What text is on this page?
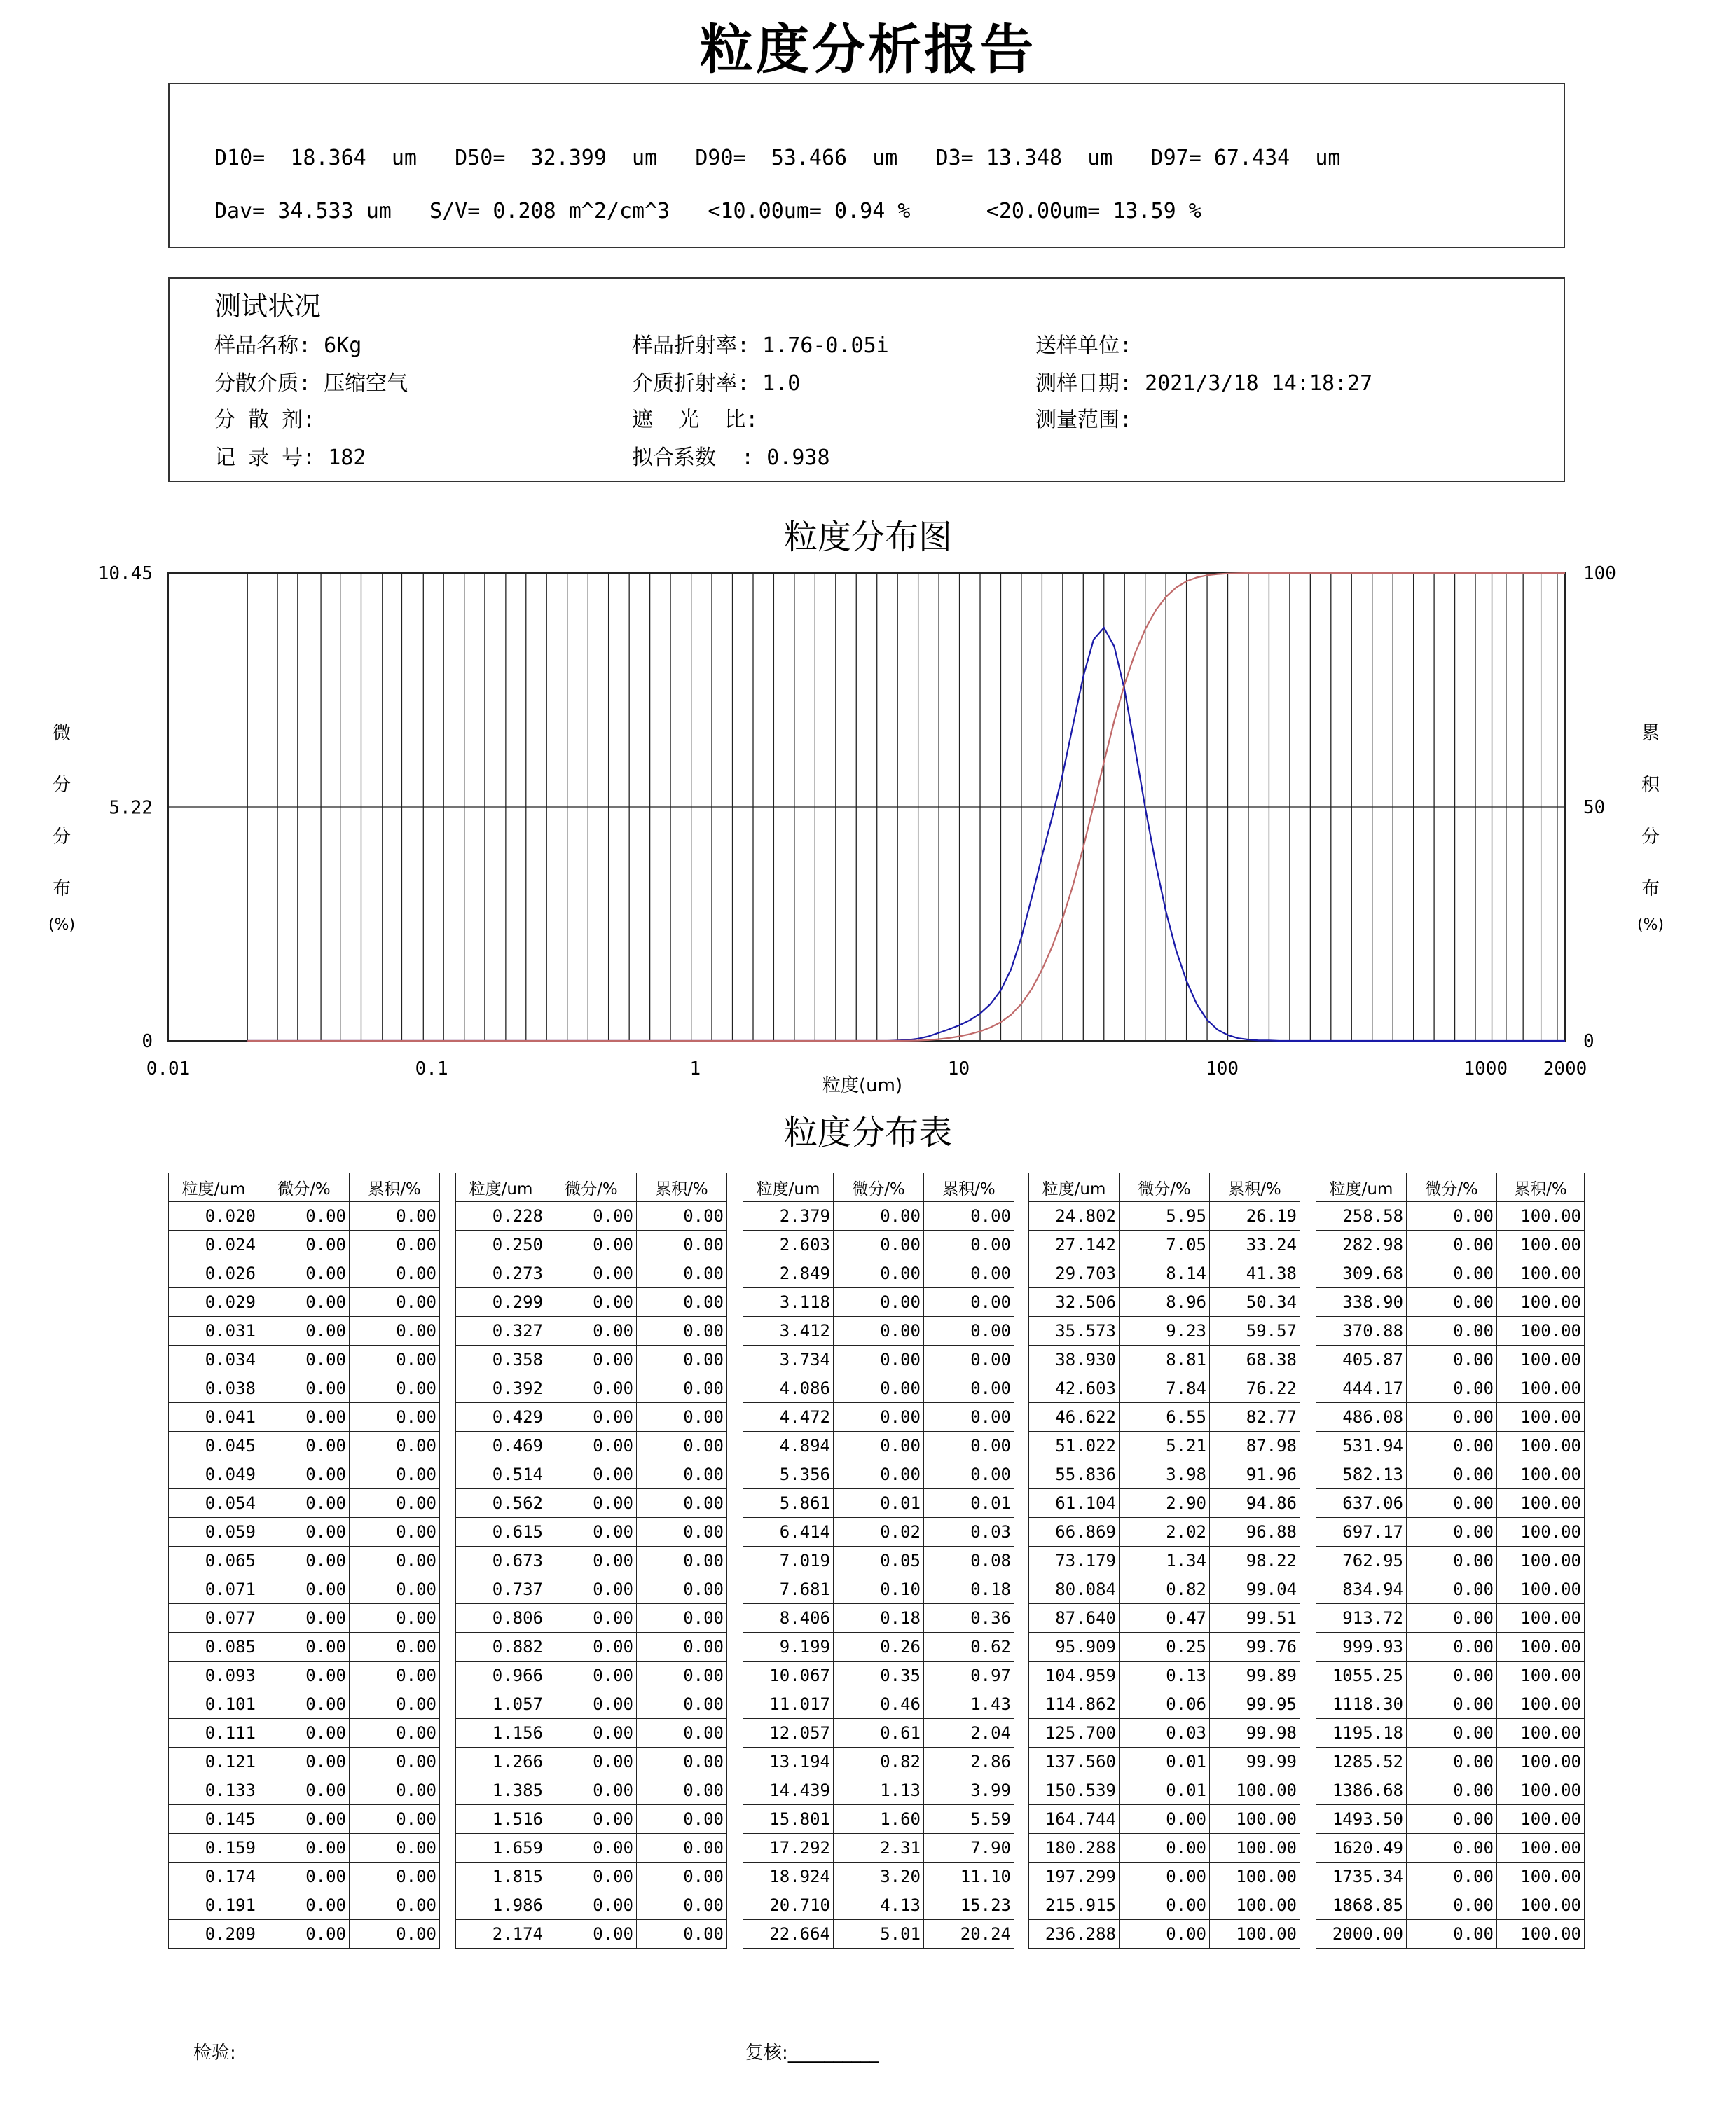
粒度分析报告
D10=  18.364  um   D50=  32.399  um   D90=  53.466  um   D3= 13.348  um   D97= 67.434  um
Dav= 34.533 um   S/V= 0.208 m^2/cm^3   <10.00um= 0.94 %      <20.00um= 13.59 %
测试状况
样品名称: 6Kg	样品折射率: 1.76-0.05i	送样单位:
分散介质: 压缩空气	介质折射率: 1.0	测样日期: 2021/3/18 14:18:27
分 散 剂:	遮  光  比:	测量范围:
记 录 号: 182	拟合系数  : 0.938
粒度分布图
0.01	0.1	1	10	100	1000 2000
10.45
5.22
0
100
50
0
粒度(um)
微
分
分
布
(%)
累
积
分
布
(%)
粒度分布表
粒度/um	微分/%	累积/%
0.020	0.00	0.00
0.024	0.00	0.00
0.026	0.00	0.00
0.029	0.00	0.00
0.031	0.00	0.00
0.034	0.00	0.00
0.038	0.00	0.00
0.041	0.00	0.00
0.045	0.00	0.00
0.049	0.00	0.00
0.054	0.00	0.00
0.059	0.00	0.00
0.065	0.00	0.00
0.071	0.00	0.00
0.077	0.00	0.00
0.085	0.00	0.00
0.093	0.00	0.00
0.101	0.00	0.00
0.111	0.00	0.00
0.121	0.00	0.00
0.133	0.00	0.00
0.145	0.00	0.00
0.159	0.00	0.00
0.174	0.00	0.00
0.191	0.00	0.00
0.209	0.00	0.00
粒度/um	微分/%	累积/%
0.228	0.00	0.00
0.250	0.00	0.00
0.273	0.00	0.00
0.299	0.00	0.00
0.327	0.00	0.00
0.358	0.00	0.00
0.392	0.00	0.00
0.429	0.00	0.00
0.469	0.00	0.00
0.514	0.00	0.00
0.562	0.00	0.00
0.615	0.00	0.00
0.673	0.00	0.00
0.737	0.00	0.00
0.806	0.00	0.00
0.882	0.00	0.00
0.966	0.00	0.00
1.057	0.00	0.00
1.156	0.00	0.00
1.266	0.00	0.00
1.385	0.00	0.00
1.516	0.00	0.00
1.659	0.00	0.00
1.815	0.00	0.00
1.986	0.00	0.00
2.174	0.00	0.00
粒度/um	微分/%	累积/%
2.379	0.00	0.00
2.603	0.00	0.00
2.849	0.00	0.00
3.118	0.00	0.00
3.412	0.00	0.00
3.734	0.00	0.00
4.086	0.00	0.00
4.472	0.00	0.00
4.894	0.00	0.00
5.356	0.00	0.00
5.861	0.01	0.01
6.414	0.02	0.03
7.019	0.05	0.08
7.681	0.10	0.18
8.406	0.18	0.36
9.199	0.26	0.62
10.067	0.35	0.97
11.017	0.46	1.43
12.057	0.61	2.04
13.194	0.82	2.86
14.439	1.13	3.99
15.801	1.60	5.59
17.292	2.31	7.90
18.924	3.20	11.10
20.710	4.13	15.23
22.664	5.01	20.24
粒度/um	微分/%	累积/%
24.802	5.95	26.19
27.142	7.05	33.24
29.703	8.14	41.38
32.506	8.96	50.34
35.573	9.23	59.57
38.930	8.81	68.38
42.603	7.84	76.22
46.622	6.55	82.77
51.022	5.21	87.98
55.836	3.98	91.96
61.104	2.90	94.86
66.869	2.02	96.88
73.179	1.34	98.22
80.084	0.82	99.04
87.640	0.47	99.51
95.909	0.25	99.76
104.959	0.13	99.89
114.862	0.06	99.95
125.700	0.03	99.98
137.560	0.01	99.99
150.539	0.01	100.00
164.744	0.00	100.00
180.288	0.00	100.00
197.299	0.00	100.00
215.915	0.00	100.00
236.288	0.00	100.00
粒度/um	微分/%	累积/%
258.58	0.00	100.00
282.98	0.00	100.00
309.68	0.00	100.00
338.90	0.00	100.00
370.88	0.00	100.00
405.87	0.00	100.00
444.17	0.00	100.00
486.08	0.00	100.00
531.94	0.00	100.00
582.13	0.00	100.00
637.06	0.00	100.00
697.17	0.00	100.00
762.95	0.00	100.00
834.94	0.00	100.00
913.72	0.00	100.00
999.93	0.00	100.00
1055.25	0.00	100.00
1118.30	0.00	100.00
1195.18	0.00	100.00
1285.52	0.00	100.00
1386.68	0.00	100.00
1493.50	0.00	100.00
1620.49	0.00	100.00
1735.34	0.00	100.00
1868.85	0.00	100.00
2000.00	0.00	100.00
检验:	复核:__________
